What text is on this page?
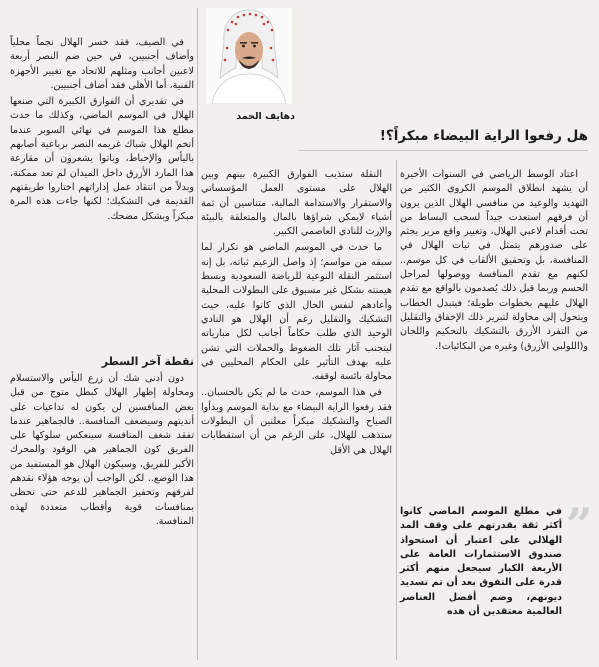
دهايف الحمد
هل رفعوا الراية البيضاء مبكراً؟!

اعتاد الوسط الرياضي في السنوات الأخيرة أن يشهد انطلاق الموسم الكروي الكثير من التهديد والوعيد من منافسي الهلال الذين يرون أن فرقهم استعدت جيداً لسحب البساط من تحت أقدام لاعبي الهلال، وتغيير واقع مرير يجثم على صدورهم يتمثل في ثبات الهلال في المنافسة، بل وتحقيق الألقاب في كل موسم.. لكنهم مع تقدم المنافسة ووصولها لمراحل الحسم وربما قبل ذلك يُصدمون بالواقع مع تقدم الهلال عليهم بخطوات طويلة؛ فيتبدل الخطاب ويتحول إلى محاولة لتبرير ذلك الإخفاق والتقليل من التفرد الأزرق بالتشكيك بالتحكيم واللجان و(اللولبي الأزرق) وغيره من البكائيات!.

”
في مطلع الموسم الماضي كانوا أكثر ثقة بقدرتهم على وقف المد الهلالي على اعتبار أن استحواذ صندوق الاستثمارات العامة على الأربعة الكبار سيجعل منهم أكثر قدرة على التفوق بعد أن تم تسديد ديونهم، وضم أفضل العناصر العالمية معتقدين أن هذه

النقلة ستذيب الفوارق الكبيرة بينهم وبين الهلال على مستوى العمل المؤسساتي والاستقرار والاستدامة المالية، متناسين أن ثمة أشياء لايمكن شراؤها بالمال والمتعلقة بالبيئة والإرث للنادي العاصمي الكبير.

ما حدث في الموسم الماضي هو تكرار لما سبقه من مواسم؛ إذ واصل الزعيم ثباته، بل إنه استثمر النقلة النوعية للرياضة السعودية وبسط هيمنته بشكل غير مسبوق على البطولات المحلية وأعادهم لنفس الحال الذي كانوا عليه، حيث التشكيك والتقليل رغم أن الهلال هو النادي الوحيد الذي طلب حكاماً أجانب لكل مبارياته ليتجنب آثار تلك الضغوط والحملات التي تشن عليه بهدف التأثير على الحكام المحليين في محاولة بائسة لوقفه.

في هذا الموسم، حدث ما لم يكن بالحسبان.. فقد رفعوا الراية البيضاء مع بداية الموسم وبدأوا الصياح والتشكيك مبكراً معلنين أن البطولات ستذهب للهلال، على الرغم من أن استقطابات الهلال هي الأقل

في الصيف، فقد خسر الهلال نجماً محلياً وأضاف أجنبيين، في حين ضم النصر أربعة لاعبين أجانب ومثلهم للاتحاد مع تغيير الأجهزة الفنية، أما الأهلي فقد أضاف أجنبيين.

في تقديري أن الفوارق الكبيرة التي صنعها الهلال في الموسم الماضي، وكذلك ما حدث مطلع هذا الموسم في نهائي السوبر عندما أتخم الهلال شباك غريمه النصر برباعية أصابهم باليأس والإحباط، وباتوا يشعرون أن مقارعة هذا المارد الأزرق داخل الميدان لم تعد ممكنة، وبدلاً من انتقاد عمل إداراتهم اختاروا طريقتهم القديمة في التشكيك؛ لكنها جاءت هذه المرة مبكراً وبشكل مضحك.

نقطة آخر السطر

دون أدنى شك أن زرع اليأس والاستسلام ومحاولة إظهار الهلال كبطل متوج من قبل بعض المنافسين لن يكون له تداعيات على أنديتهم وسيضعف المنافسة.. فالجماهير عندما تفقد شغف المنافسة سينعكس سلوكها على الفريق كون الجماهير هي الوقود والمحرك الأكبر للفريق، وسيكون الهلال هو المستفيد من هذا الوضع.. لكن الواجب أن يوجه هؤلاء نقدهم لفرقهم وتحفيز الجماهير للدعم حتى نحظى بمنافسات قوية وأقطاب متعددة لهذه المنافسة.
